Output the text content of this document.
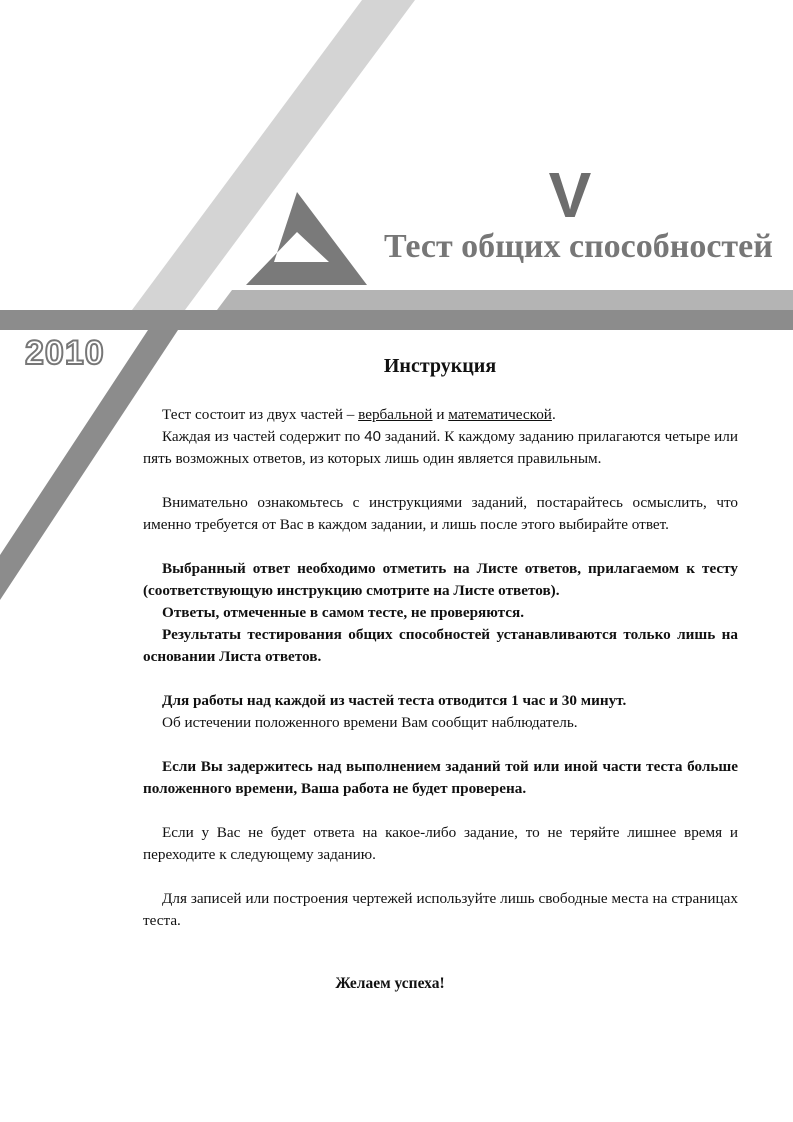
V
Тест общих способностей
2010	Инструкция

Тест состоит из двух частей – вербальной и математической.

Каждая из частей содержит по 40 заданий. К каждому заданию прилагаются четыре или пять возможных ответов, из которых лишь один является правильным.

Внимательно ознакомьтесь с инструкциями заданий, постарайтесь осмыслить, что именно требуется от Вас в каждом задании, и лишь после этого выбирайте ответ.

Выбранный ответ необходимо отметить на Листе ответов, прилагаемом к тесту (соответствующую инструкцию смотрите на Листе ответов).

Ответы, отмеченные в самом тесте, не проверяются.

Результаты тестирования общих способностей устанавливаются только лишь на основании Листа ответов.

Для работы над каждой из частей теста отводится 1 час и 30 минут.

Об истечении положенного времени Вам сообщит наблюдатель.

Если Вы задержитесь над выполнением заданий той или иной части теста больше положенного времени, Ваша работа не будет проверена.

Если у Вас не будет ответа на какое-либо задание, то не теряйте лишнее время и переходите к следующему заданию.

Для записей или построения чертежей используйте лишь свободные места на страницах теста.

Желаем успеха!
